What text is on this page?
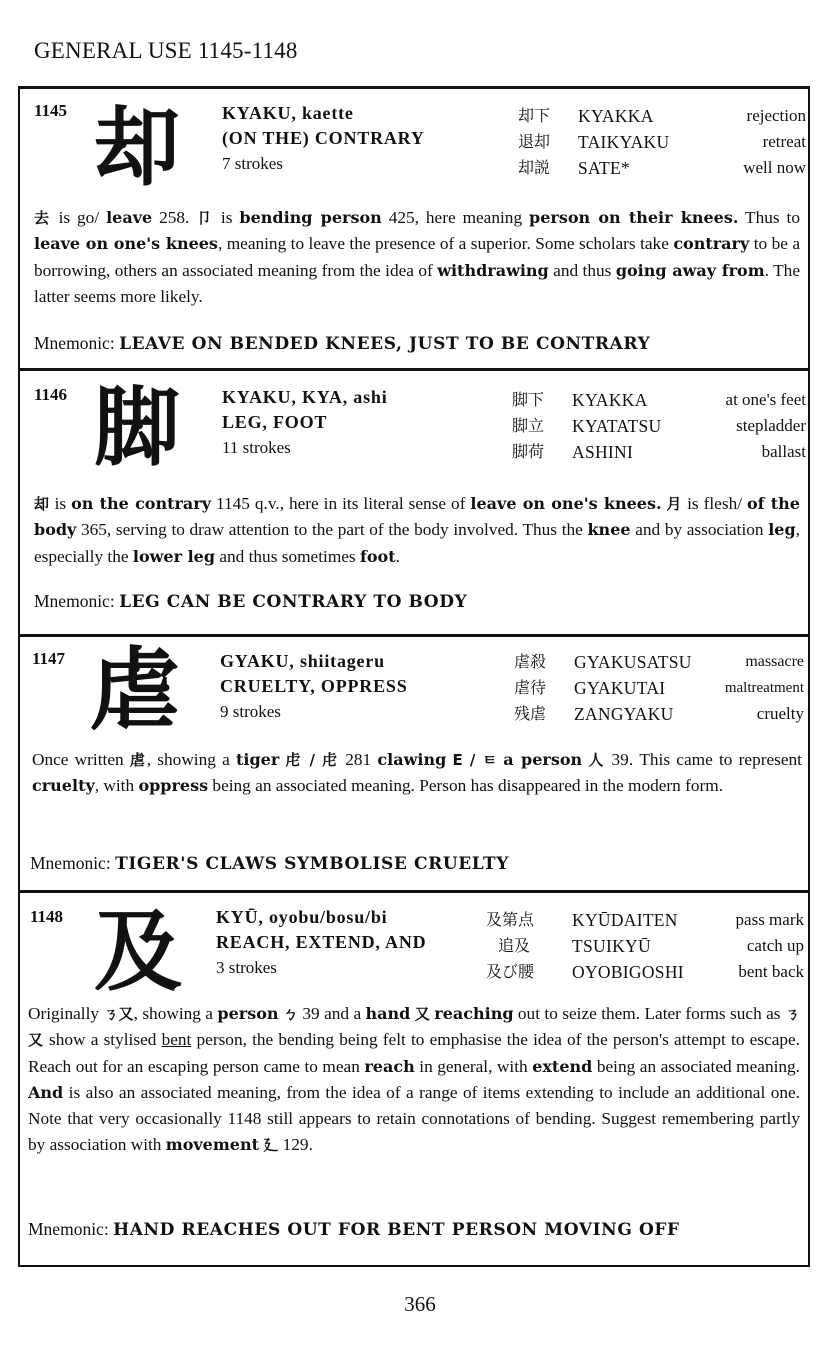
GENERAL USE 1145-1148
1145 却 KYAKU, kaette
(ON THE) CONTRARY
7 strokes
却下	KYAKKA	rejection
退却	TAIKYAKU	retreat
却説	SATE*	well now
去 is go/ leave 258. 卩 is bending person 425, here meaning person on their knees. Thus to leave on one's knees, meaning to leave the presence of a superior. Some scholars take contrary to be a borrowing, others an associated meaning from the idea of withdrawing and thus going away from. The latter seems more likely.
Mnemonic: LEAVE ON BENDED KNEES, JUST TO BE CONTRARY
1146 脚 KYAKU, KYA, ashi
LEG, FOOT
11 strokes
脚下	KYAKKA	at one's feet
脚立	KYATATSU	stepladder
脚荷	ASHINI	ballast
却 is on the contrary 1145 q.v., here in its literal sense of leave on one's knees. 月 is flesh/ of the body 365, serving to draw attention to the part of the body involved. Thus the knee and by association leg, especially the lower leg and thus sometimes foot.
Mnemonic: LEG CAN BE CONTRARY TO BODY
1147 虐 GYAKU, shiitageru
CRUELTY, OPPRESS
9 strokes
虐殺	GYAKUSATSU	massacre
虐待	GYAKUTAI	maltreatment
残虐	ZANGYAKU	cruelty
Once written 虐, showing a tiger 虍 / 虍 281 clawing E / ㅌ a person 人 39. This came to represent cruelty, with oppress being an associated meaning. Person has disappeared in the modern form.
Mnemonic: TIGER'S CLAWS SYMBOLISE CRUELTY
1148 及 KYŪ, oyobu/bosu/bi
REACH, EXTEND, AND
3 strokes
及第点	KYŪDAITEN	pass mark
追及	TSUIKYŪ	catch up
及び腰	OYOBIGOSHI	bent back
Originally ㄋ又, showing a person ㄅ 39 and a hand 又 reaching out to seize them. Later forms such as ㄋ又 show a stylised bent person, the bending being felt to emphasise the idea of the person's attempt to escape. Reach out for an escaping person came to mean reach in general, with extend being an associated meaning. And is also an associated meaning, from the idea of a range of items extending to include an additional one. Note that very occasionally 1148 still appears to retain connotations of bending. Suggest remembering partly by association with movement 廴 129.
Mnemonic: HAND REACHES OUT FOR BENT PERSON MOVING OFF
366
